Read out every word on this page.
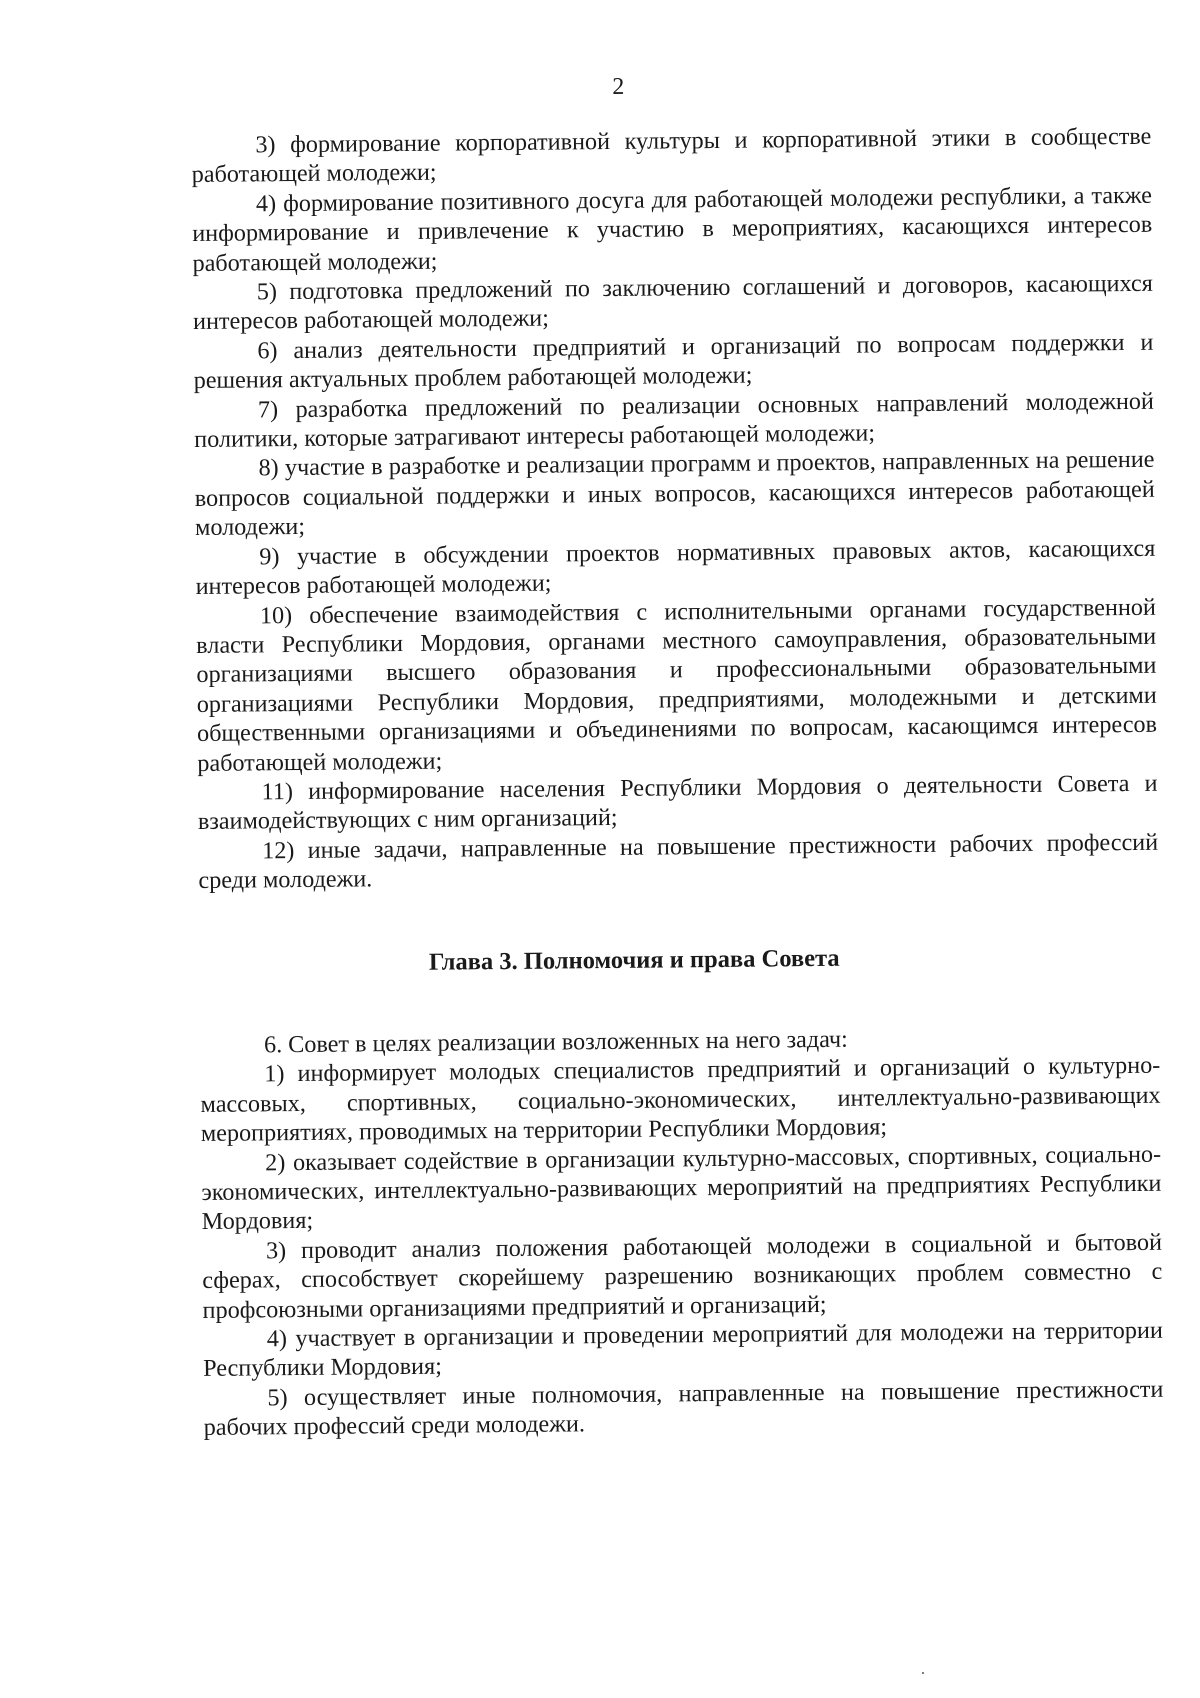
2

3) формирование корпоративной культуры и корпоративной этики в сообществе работающей молодежи;

4) формирование позитивного досуга для работающей молодежи республики, а также информирование и привлечение к участию в мероприятиях, касающихся интересов работающей молодежи;

5) подготовка предложений по заключению соглашений и договоров, касающихся интересов работающей молодежи;

6) анализ деятельности предприятий и организаций по вопросам поддержки и решения актуальных проблем работающей молодежи;

7) разработка предложений по реализации основных направлений молодежной политики, которые затрагивают интересы работающей молодежи;

8) участие в разработке и реализации программ и проектов, направленных на решение вопросов социальной поддержки и иных вопросов, касающихся интересов работающей молодежи;

9) участие в обсуждении проектов нормативных правовых актов, касающихся интересов работающей молодежи;

10) обеспечение взаимодействия с исполнительными органами государственной власти Республики Мордовия, органами местного самоуправления, образовательными организациями высшего образования и профессиональными образовательными организациями Республики Мордовия, предприятиями, молодежными и детскими общественными организациями и объединениями по вопросам, касающимся интересов работающей молодежи;

11) информирование населения Республики Мордовия о деятельности Совета и взаимодействующих с ним организаций;

12) иные задачи, направленные на повышение престижности рабочих профессий среди молодежи.

Глава 3. Полномочия и права Совета

6. Совет в целях реализации возложенных на него задач:

1) информирует молодых специалистов предприятий и организаций о культурно-массовых, спортивных, социально-экономических, интеллектуально-развивающих мероприятиях, проводимых на территории Республики Мордовия;

2) оказывает содействие в организации культурно-массовых, спортивных, социально-экономических, интеллектуально-развивающих мероприятий на предприятиях Республики Мордовия;

3) проводит анализ положения работающей молодежи в социальной и бытовой сферах, способствует скорейшему разрешению возникающих проблем совместно с профсоюзными организациями предприятий и организаций;

4) участвует в организации и проведении мероприятий для молодежи на территории Республики Мордовия;

5) осуществляет иные полномочия, направленные на повышение престижности рабочих профессий среди молодежи.
